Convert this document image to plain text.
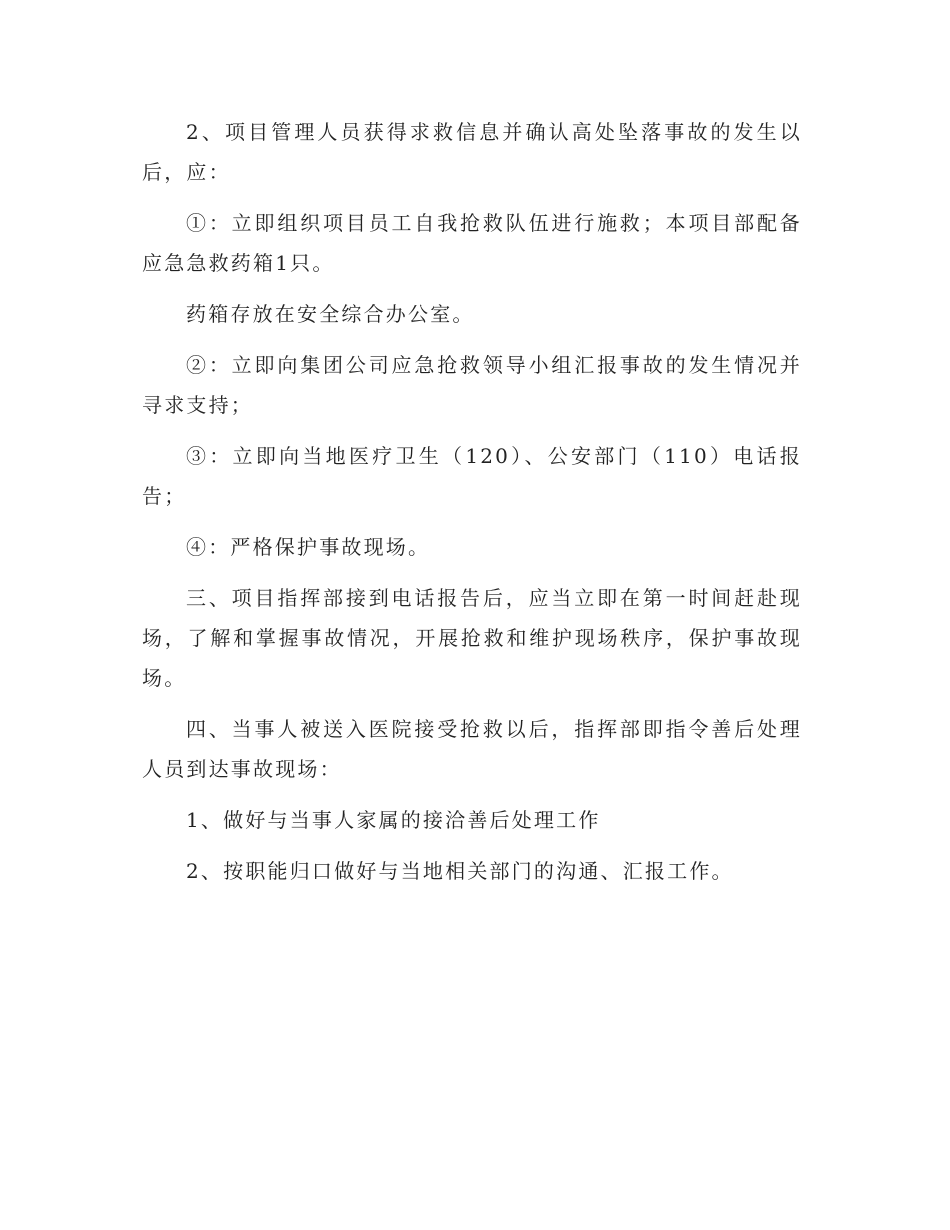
2、项目管理人员获得求救信息并确认高处坠落事故的发生以后，应：

①：立即组织项目员工自我抢救队伍进行施救；本项目部配备应急急救药箱1只。

药箱存放在安全综合办公室。

②：立即向集团公司应急抢救领导小组汇报事故的发生情况并寻求支持；

③：立即向当地医疗卫生（120）、公安部门（110）电话报告；

④：严格保护事故现场。

三、项目指挥部接到电话报告后，应当立即在第一时间赶赴现场，了解和掌握事故情况，开展抢救和维护现场秩序，保护事故现场。

四、当事人被送入医院接受抢救以后，指挥部即指令善后处理人员到达事故现场：

1、做好与当事人家属的接洽善后处理工作

2、按职能归口做好与当地相关部门的沟通、汇报工作。
